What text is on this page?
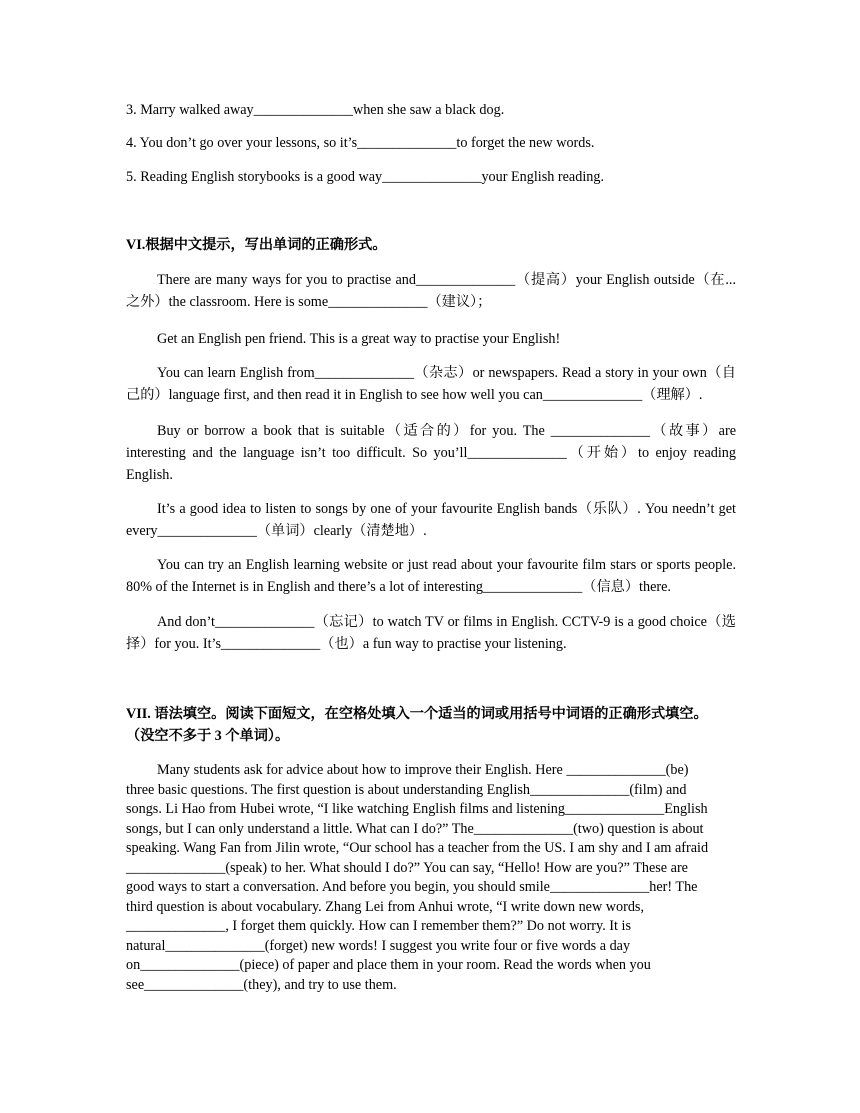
3. Marry walked away______________when she saw a black dog.
4. You don’t go over your lessons, so it’s______________to forget the new words.
5. Reading English storybooks is a good way______________your English reading.
VI.根据中文提示，写出单词的正确形式。
There are many ways for you to practise and______________（提高）your English outside（在...之外）the classroom. Here is some______________（建议）；
Get an English pen friend. This is a great way to practise your English!
You can learn English from______________（杂志）or newspapers. Read a story in your own（自己的）language first, and then read it in English to see how well you can______________（理解）.
Buy or borrow a book that is suitable（适合的）for you. The ______________（故事）are interesting and the language isn’t too difficult. So you’ll______________（开始）to enjoy reading English.
It’s a good idea to listen to songs by one of your favourite English bands（乐队）. You needn’t get every______________（单词）clearly（清楚地）.
You can try an English learning website or just read about your favourite film stars or sports people. 80% of the Internet is in English and there’s a lot of interesting______________（信息）there.
And don’t______________（忘记）to watch TV or films in English. CCTV-9 is a good choice（选择）for you. It’s______________（也）a fun way to practise your listening.
VII. 语法填空。阅读下面短文，在空格处填入一个适当的词或用括号中词语的正确形式填空。
（没空不多于 3 个单词）。
Many students ask for advice about how to improve their English. Here ______________(be)
three basic questions. The first question is about understanding English______________(film) and
songs. Li Hao from Hubei wrote, “I like watching English films and listening______________English
songs, but I can only understand a little. What can I do?” The______________(two) question is about
speaking. Wang Fan from Jilin wrote, “Our school has a teacher from the US. I am shy and I am afraid
______________(speak) to her. What should I do?” You can say, “Hello! How are you?” These are
good ways to start a conversation. And before you begin, you should smile______________her! The
third question is about vocabulary. Zhang Lei from Anhui wrote, “I write down new words,
______________, I forget them quickly. How can I remember them?” Do not worry. It is
natural______________(forget) new words! I suggest you write four or five words a day
on______________(piece) of paper and place them in your room. Read the words when you
see______________(they), and try to use them.
